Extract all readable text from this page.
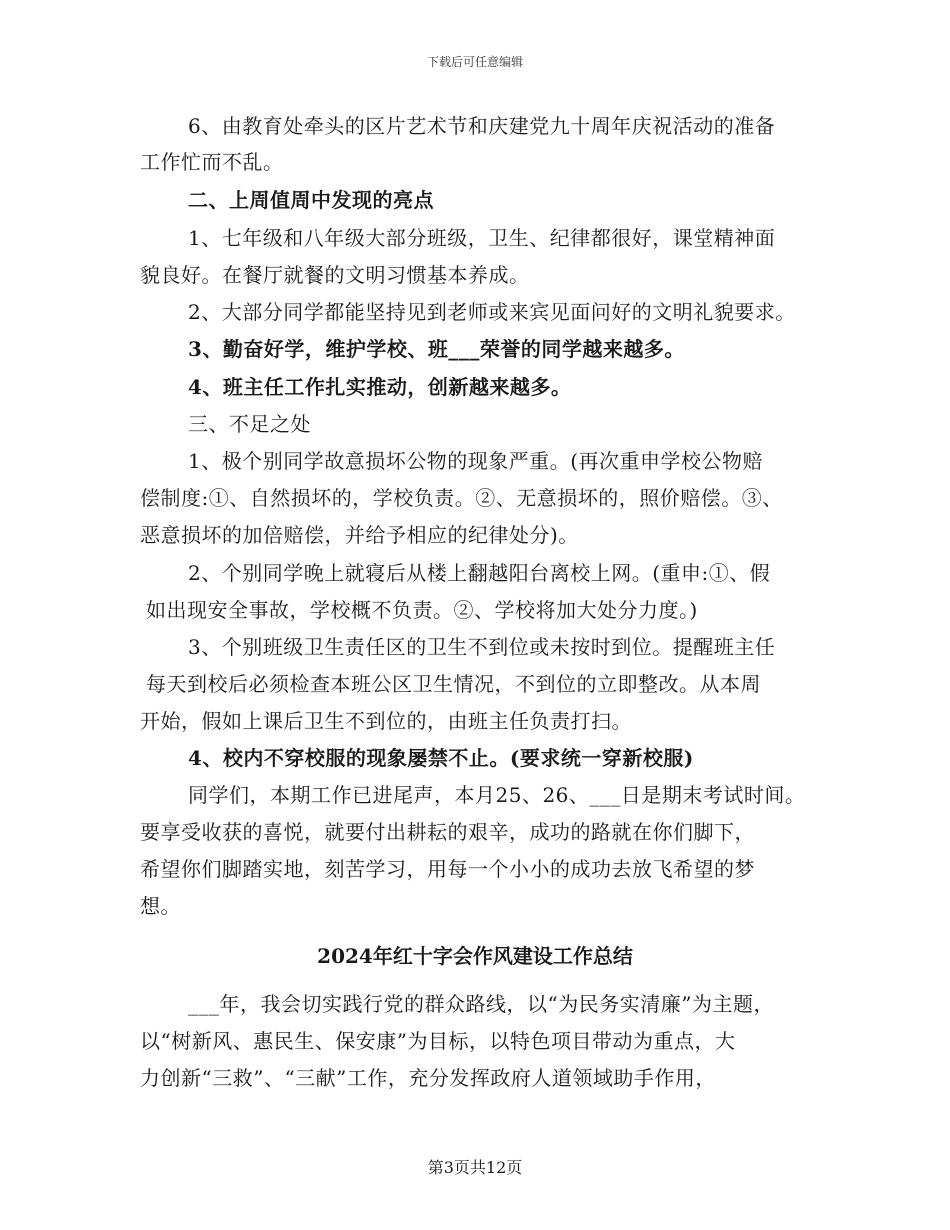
下载后可任意编辑
6、由教育处牵头的区片艺术节和庆建党九十周年庆祝活动的准备
工作忙而不乱。
二、上周值周中发现的亮点
1、七年级和八年级大部分班级，卫生、纪律都很好，课堂精神面
貌良好。在餐厅就餐的文明习惯基本养成。
2、大部分同学都能坚持见到老师或来宾见面问好的文明礼貌要求。
3、勤奋好学，维护学校、班___荣誉的同学越来越多。
4、班主任工作扎实推动，创新越来越多。
三、不足之处
1、极个别同学故意损坏公物的现象严重。(再次重申学校公物赔
偿制度:①、自然损坏的，学校负责。②、无意损坏的，照价赔偿。③、
恶意损坏的加倍赔偿，并给予相应的纪律处分)。
2、个别同学晚上就寝后从楼上翻越阳台离校上网。(重申:①、假
如出现安全事故，学校概不负责。②、学校将加大处分力度。)
3、个别班级卫生责任区的卫生不到位或未按时到位。提醒班主任
每天到校后必须检查本班公区卫生情况，不到位的立即整改。从本周
开始，假如上课后卫生不到位的，由班主任负责打扫。
4、校内不穿校服的现象屡禁不止。(要求统一穿新校服)
同学们，本期工作已进尾声，本月25、26、___日是期末考试时间。
要享受收获的喜悦，就要付出耕耘的艰辛，成功的路就在你们脚下，
希望你们脚踏实地，刻苦学习，用每一个小小的成功去放飞希望的梦
想。
2024年红十字会作风建设工作总结
___年，我会切实践行党的群众路线，以“为民务实清廉”为主题，
以“树新风、惠民生、保安康”为目标，以特色项目带动为重点，大
力创新“三救”、“三献”工作，充分发挥政府人道领域助手作用，
第3页共12页
